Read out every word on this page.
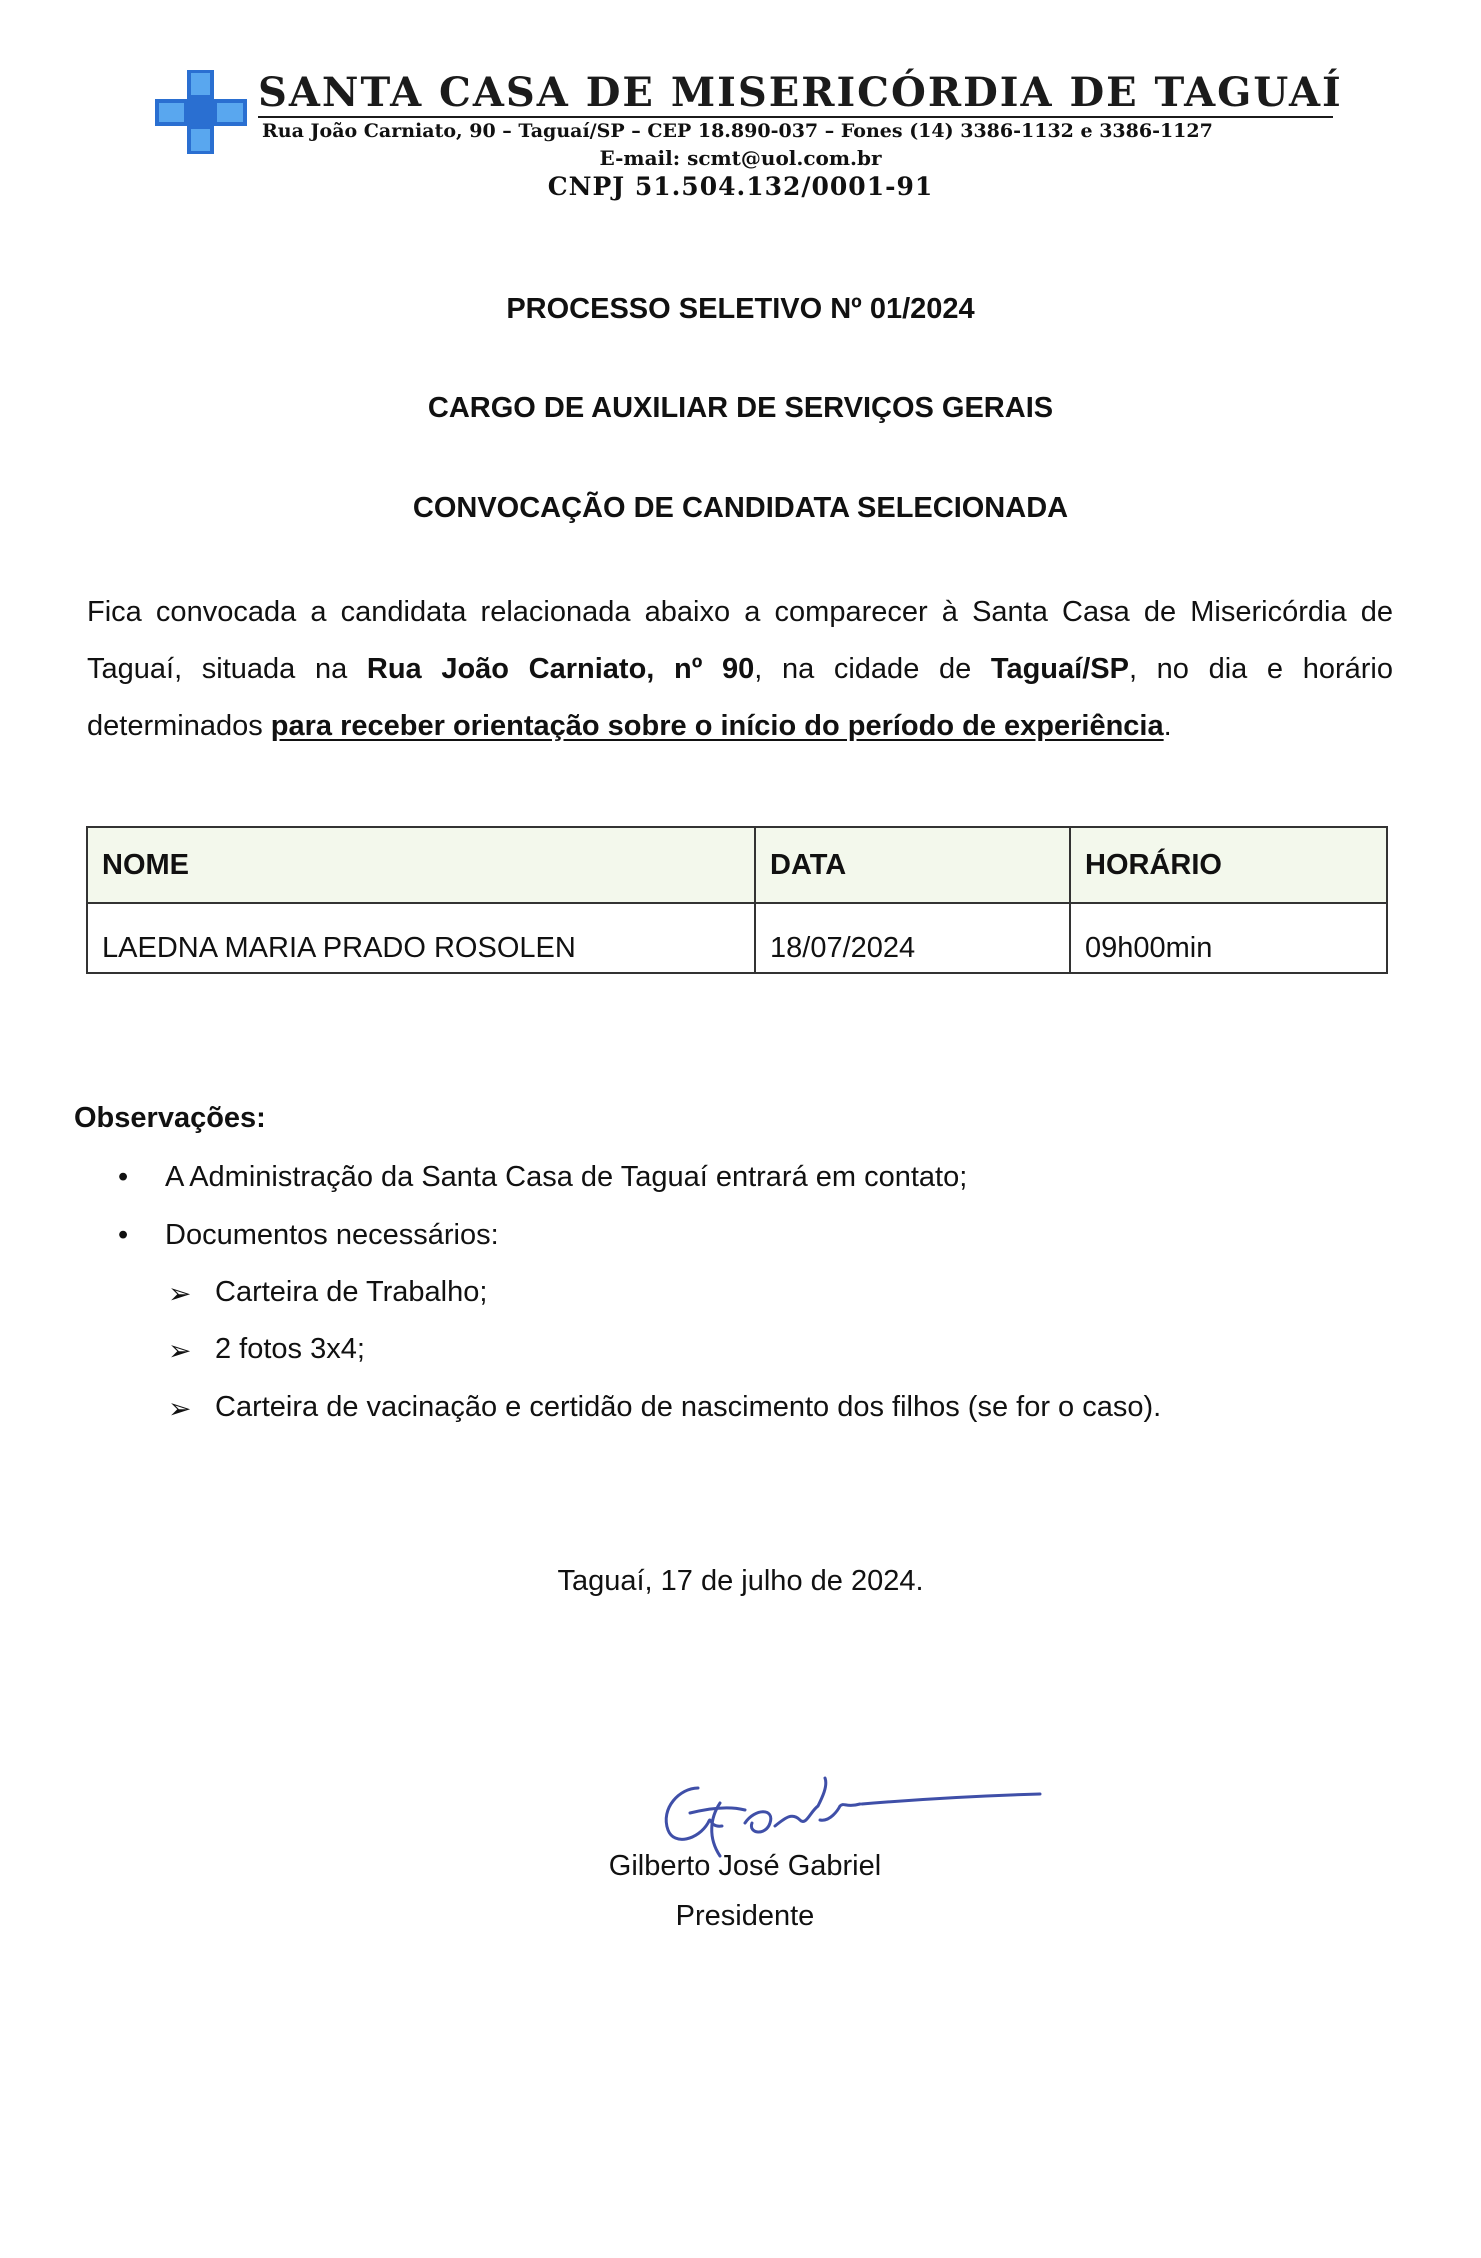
SANTA CASA DE MISERICÓRDIA DE TAGUAÍ
Rua João Carniato, 90 – Taguaí/SP – CEP 18.890-037 – Fones (14) 3386-1132 e 3386-1127
E-mail: scmt@uol.com.br
CNPJ 51.504.132/0001-91
PROCESSO SELETIVO Nº 01/2024
CARGO DE AUXILIAR DE SERVIÇOS GERAIS
CONVOCAÇÃO DE CANDIDATA SELECIONADA
Fica convocada a candidata relacionada abaixo a comparecer à Santa Casa de Misericórdia de Taguaí, situada na Rua João Carniato, nº 90, na cidade de Taguaí/SP, no dia e horário determinados para receber orientação sobre o início do período de experiência.
NOME	DATA	HORÁRIO
LAEDNA MARIA PRADO ROSOLEN	18/07/2024	09h00min
Observações:
• A Administração da Santa Casa de Taguaí entrará em contato;
• Documentos necessários:
➢ Carteira de Trabalho;
➢ 2 fotos 3x4;
➢ Carteira de vacinação e certidão de nascimento dos filhos (se for o caso).
Taguaí, 17 de julho de 2024.
Gilberto José Gabriel
Presidente
